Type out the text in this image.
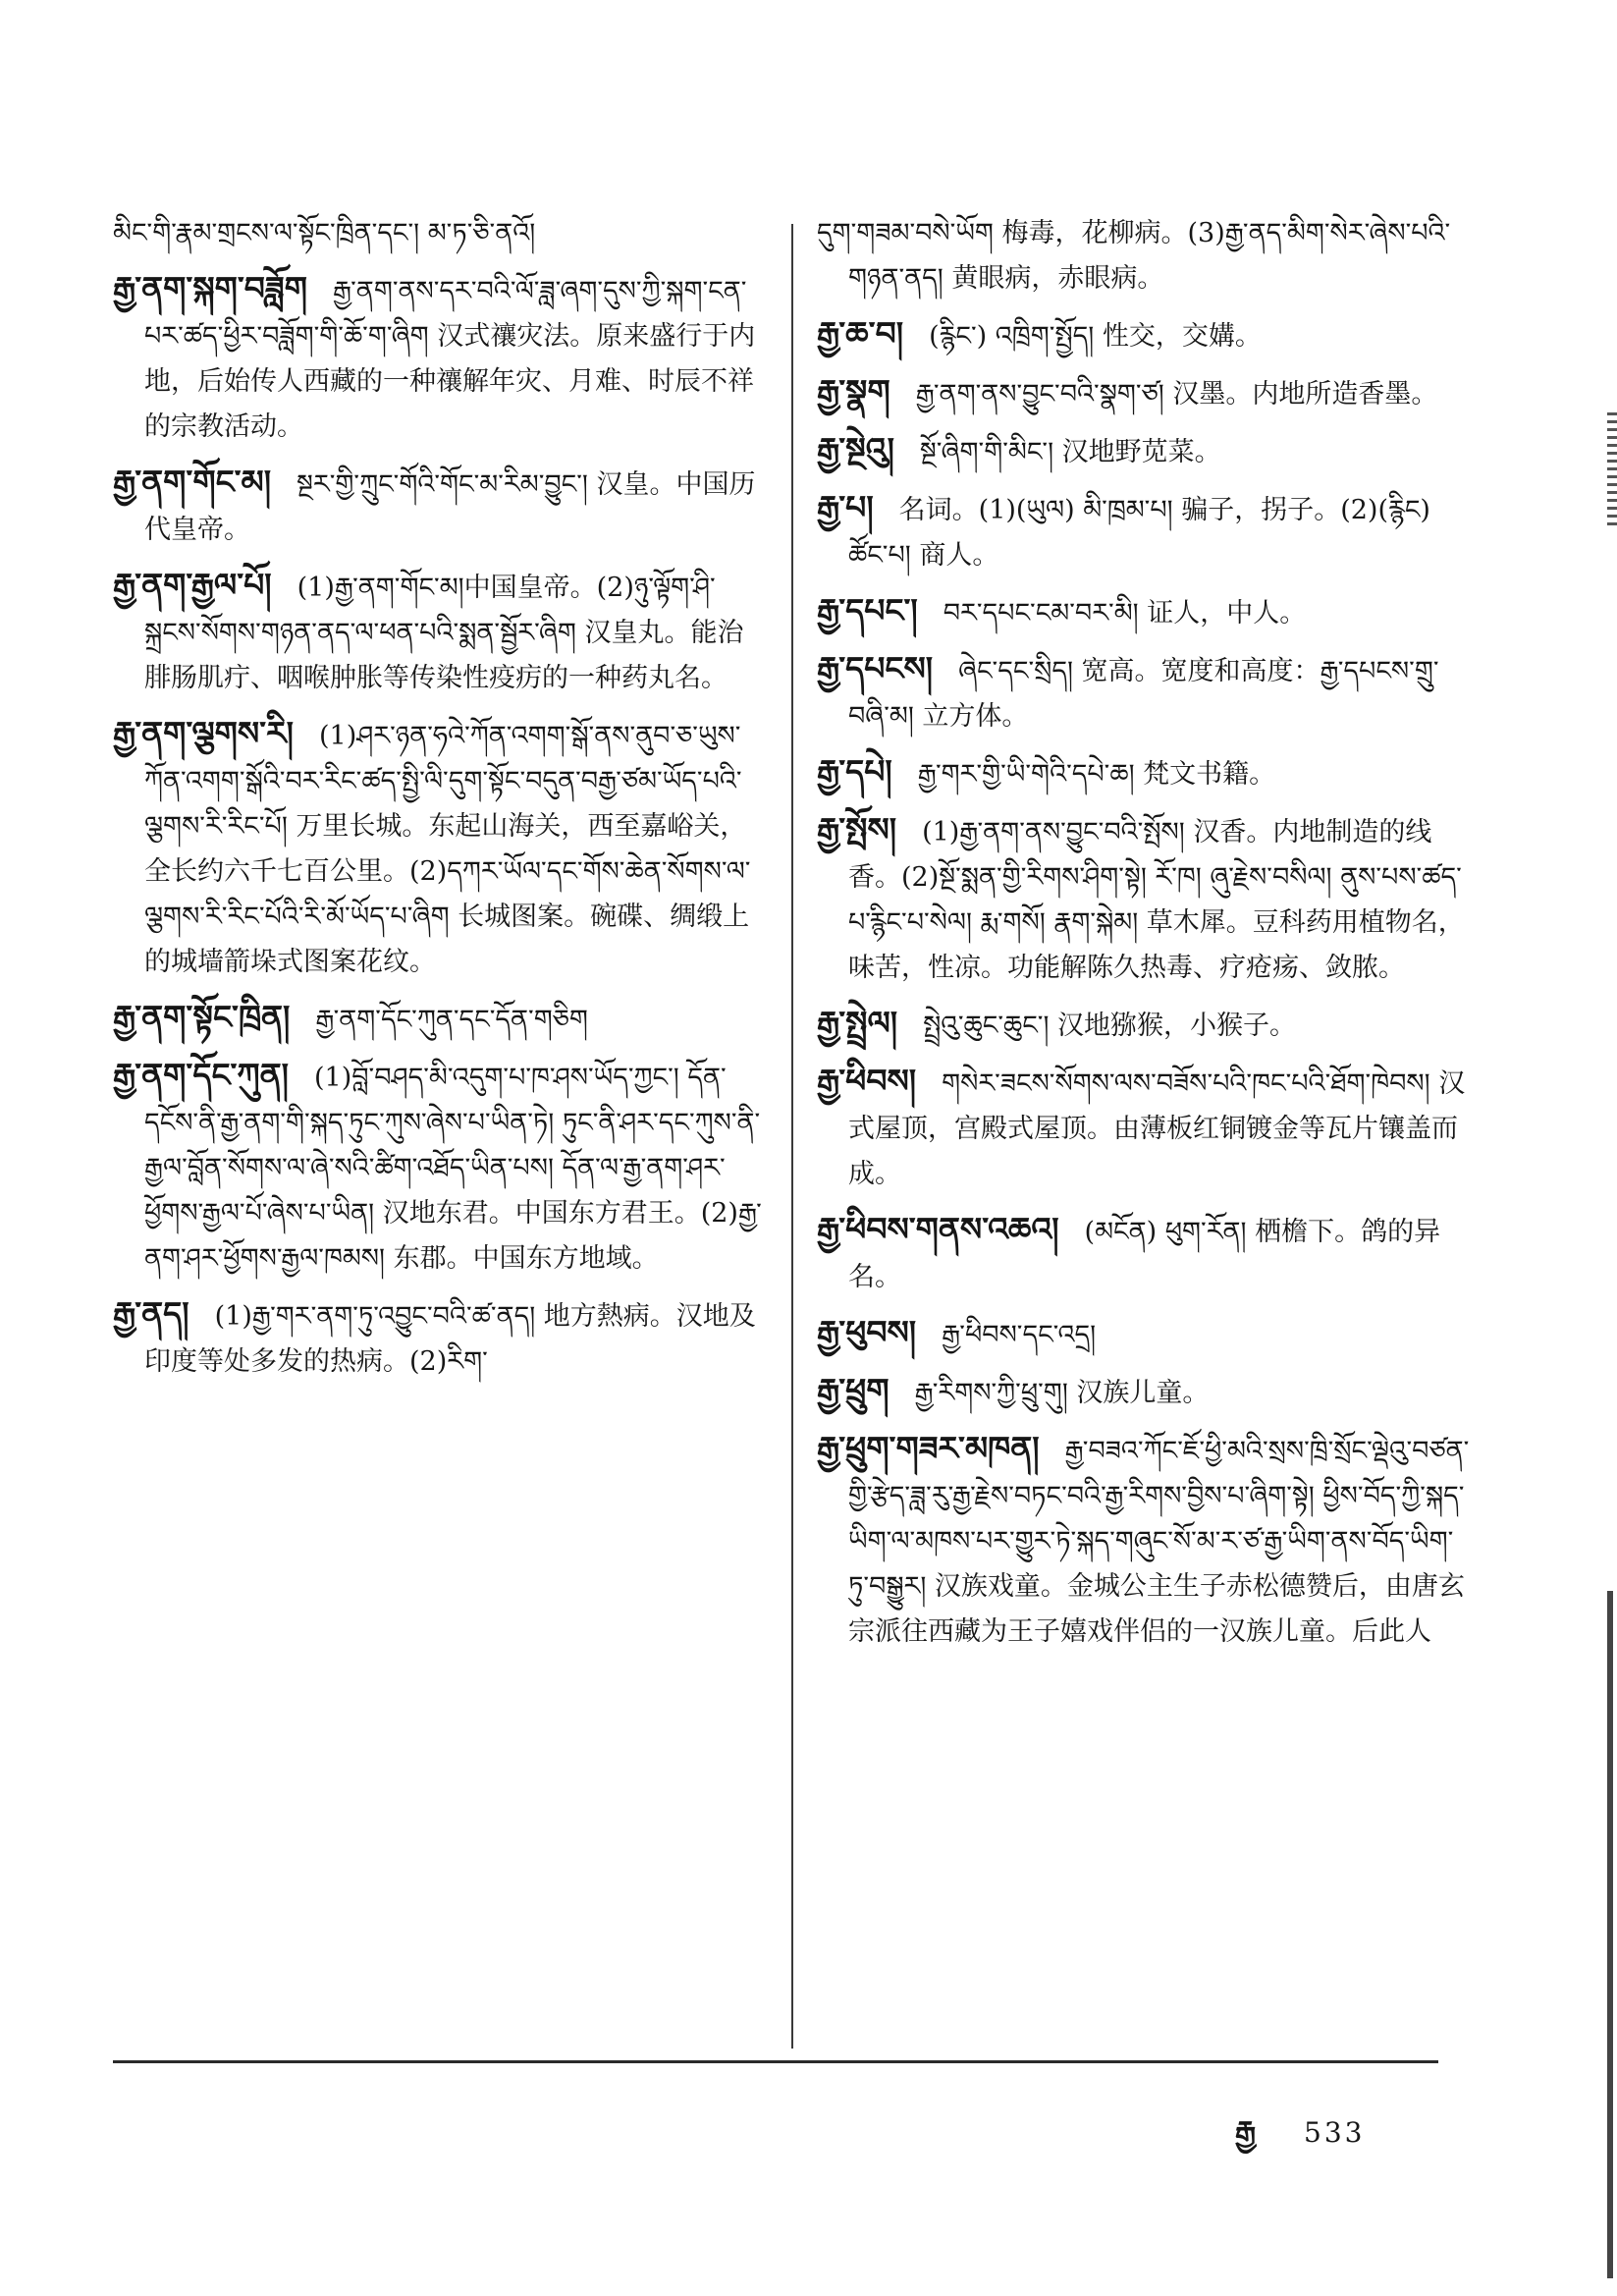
མིང་གི་རྣམ་གྲངས་ལ་སྟོང་ཁྲིན་དང་། མ་ཏ་ཅི་ནའོ།
རྒྱ་ནག་སྐག་བཟློག རྒྱ་ནག་ནས་དར་བའི་ལོ་ཟླ་ཞག་དུས་ཀྱི་སྐག་ངན་པར་ཚད་ཕྱིར་བཟློག་གི་ཆོ་ག་ཞིག 汉式禳灾法。原来盛行于内地，后始传人西藏的一种禳解年灾、月难、时辰不祥的宗教活动。
རྒྱ་ནག་གོང་མ། སྔར་གྱི་ཀྲུང་གོའི་གོང་མ་རིམ་བྱུང་། 汉皇。中国历代皇帝。
རྒྱ་ནག་རྒྱལ་པོ། (1)རྒྱ་ནག་གོང་མ།中国皇帝。(2)ཉུ་ལྟོག་ཤི་སྐྲངས་སོགས་གཉན་ནད་ལ་ཕན་པའི་སྨན་སྦྱོར་ཞིག 汉皇丸。能治腓肠肌疔、咽喉肿胀等传染性疫疠的一种药丸名。
རྒྱ་ནག་ལྕགས་རི། (1)ཤར་ཉན་ཧའེ་ཀོན་འགག་སྒོ་ནས་ནུབ་ཅ་ཡུས་ཀོན་འགག་སྒོའི་བར་རིང་ཚད་སྤྱི་ལི་དུག་སྟོང་བདུན་བརྒྱ་ཙམ་ཡོད་པའི་ལྕགས་རི་རིང་པོ། 万里长城。东起山海关，西至嘉峪关，全长约六千七百公里。(2)དཀར་ཡོལ་དང་གོས་ཆེན་སོགས་ལ་ལྕགས་རི་རིང་པོའི་རི་མོ་ཡོད་པ་ཞིག 长城图案。碗碟、绸缎上的城墙箭垛式图案花纹。
རྒྱ་ནག་སྟོང་ཁྲིན། རྒྱ་ནག་དོང་ཀུན་དང་དོན་གཅིག
རྒྱ་ནག་དོང་ཀུན། (1)བློ་བཤད་མི་འདུག་པ་ཁ་ཤས་ཡོད་ཀྱང་། དོན་དངོས་ནི་རྒྱ་ནག་གི་སྐད་ཏུང་ཀུས་ཞེས་པ་ཡིན་ཏེ། ཏུང་ནི་ཤར་དང་ཀུས་ནི་རྒྱལ་བློན་སོགས་ལ་ཞེ་སའི་ཚིག་འཐོད་ཡིན་པས། དོན་ལ་རྒྱ་ནག་ཤར་ཕྱོགས་རྒྱལ་པོ་ཞེས་པ་ཡིན། 汉地东君。中国东方君王。(2)རྒྱ་ནག་ཤར་ཕྱོགས་རྒྱལ་ཁམས། 东郡。中国东方地域。
རྒྱ་ནད། (1)རྒྱ་གར་ནག་ཏུ་འབྱུང་བའི་ཚ་ནད། 地方熱病。汉地及印度等处多发的热病。(2)རིག་
དུག་གཟམ་བསེ་ཡོག 梅毒，花柳病。(3)རྒྱ་ནད་མིག་སེར་ཞེས་པའི་གཉན་ནད། 黄眼病，赤眼病。
རྒྱ་ཆ་བ། (རྙིང་) འཁྲིག་སྤྱོད། 性交，交媾。
རྒྱ་སྣག རྒྱ་ནག་ནས་བྱུང་བའི་སྣག་ཙ། 汉墨。内地所造香墨。
རྒྱ་སྔེའུ། སྔོ་ཞིག་གི་མིང་། 汉地野苋菜。
རྒྱ་པ། 名词。(1)(ཡུལ) མི་ཁྲམ་པ། 骗子，拐子。(2)(རྙིང) ཚོང་པ། 商人。
རྒྱ་དཔང་། བར་དཔང་ངམ་བར་མི། 证人，中人。
རྒྱ་དཔངས། ཞེང་དང་སྲིད། 宽高。宽度和高度：རྒྱ་དཔངས་གྲུ་བཞི་མ། 立方体。
རྒྱ་དཔེ། རྒྱ་གར་གྱི་ཡི་གེའི་དཔེ་ཆ། 梵文书籍。
རྒྱ་སྤོས། (1)རྒྱ་ནག་ནས་བྱུང་བའི་སྤོས། 汉香。内地制造的线香。(2)སྔོ་སྨན་གྱི་རིགས་ཤིག་སྟེ། རོ་ཁ། ཞུ་རྗེས་བསིལ། ནུས་པས་ཚད་པ་རྙིང་པ་སེལ། རྨ་གསོ། རྣག་སྐེམ། 草木犀。豆科药用植物名，味苦，性凉。功能解陈久热毒、疗疮疡、敛脓。
རྒྱ་སྤྲེལ། སྤྲེའུ་ཆུང་ཆུང་། 汉地猕猴，小猴子。
རྒྱ་ཕིབས། གསེར་ཟངས་སོགས་ལས་བཟོས་པའི་ཁང་པའི་ཐོག་ཁེབས། 汉式屋顶，宫殿式屋顶。由薄板红铜镀金等瓦片镶盖而成。
རྒྱ་ཕིབས་གནས་འཆའ། (མངོན) ཕུག་རོན། 栖檐下。鸽的异名。
རྒྱ་ཕུབས། རྒྱ་ཕིབས་དང་འདྲ།
རྒྱ་ཕྲུག རྒྱ་རིགས་ཀྱི་ཕྲུ་གུ། 汉族儿童。
རྒྱ་ཕྲུག་གཟར་མཁན། རྒྱ་བཟའ་ཀོང་ཇོ་ཕྱི་མའི་སྲས་ཁྲི་སྲོང་ལྡེའུ་བཙན་གྱི་རྩེད་ཟླ་རུ་རྒྱ་རྗེས་བཏང་བའི་རྒྱ་རིགས་བྱིས་པ་ཞིག་སྟེ། ཕྱིས་བོད་ཀྱི་སྐད་ཡིག་ལ་མཁས་པར་གྱུར་ཏེ་སྐད་གཞུང་སོ་མ་ར་ཙ་རྒྱ་ཡིག་ནས་བོད་ཡིག་ཏུ་བསྒྱུར། 汉族戏童。金城公主生子赤松德赞后，由唐玄宗派往西藏为王子嬉戏伴侣的一汉族儿童。后此人
རྒྱ 533
